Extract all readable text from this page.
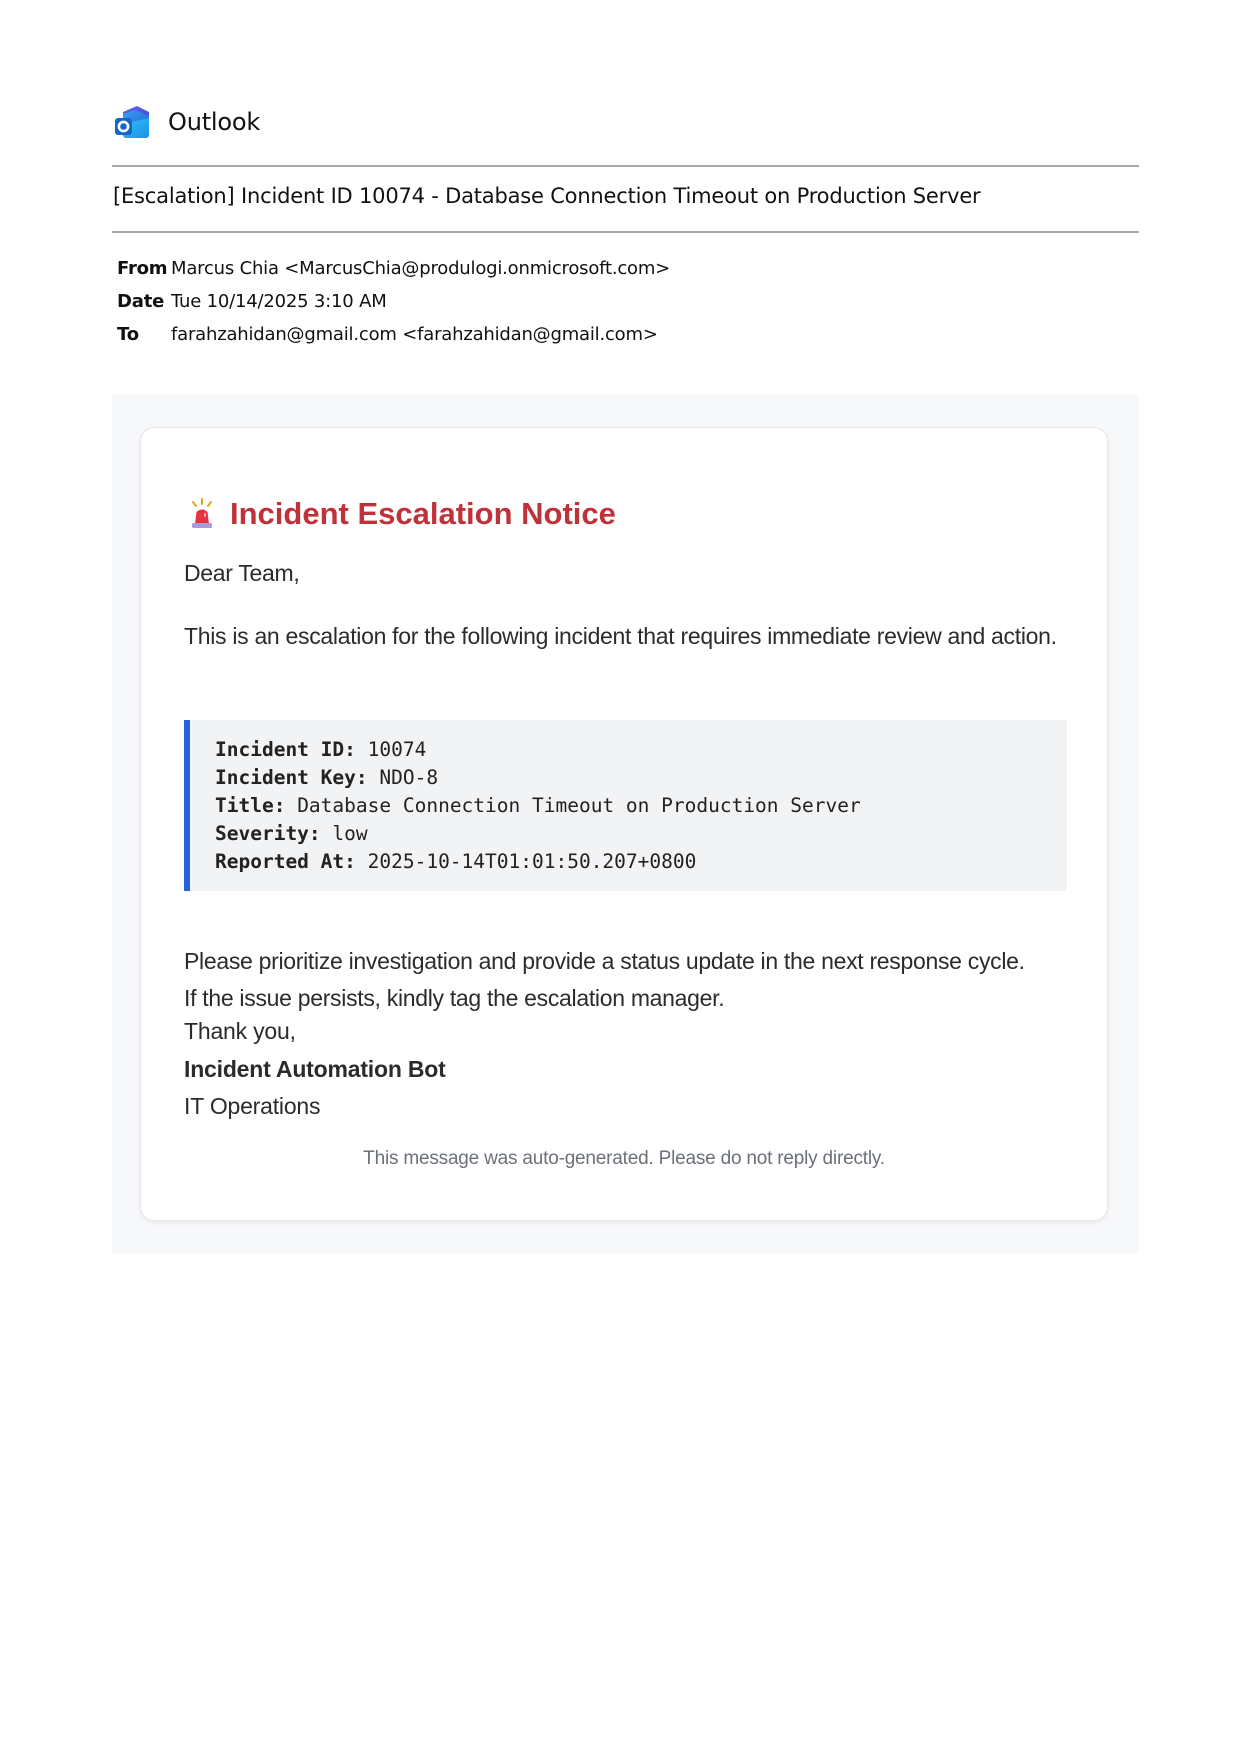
Outlook
[Escalation] Incident ID 10074 - Database Connection Timeout on Production Server
From Marcus Chia <MarcusChia@produlogi.onmicrosoft.com>
Date Tue 10/14/2025 3:10 AM
To	farahzahidan@gmail.com <farahzahidan@gmail.com>
Incident Escalation Notice
Dear Team,
This is an escalation for the following incident that requires immediate review and action.
Incident ID: 10074
Incident Key: NDO-8
Title: Database Connection Timeout on Production Server
Severity: low
Reported At: 2025-10-14T01:01:50.207+0800
Please prioritize investigation and provide a status update in the next response cycle.
If the issue persists, kindly tag the escalation manager.
Thank you,
Incident Automation Bot
IT Operations
This message was auto-generated. Please do not reply directly.
